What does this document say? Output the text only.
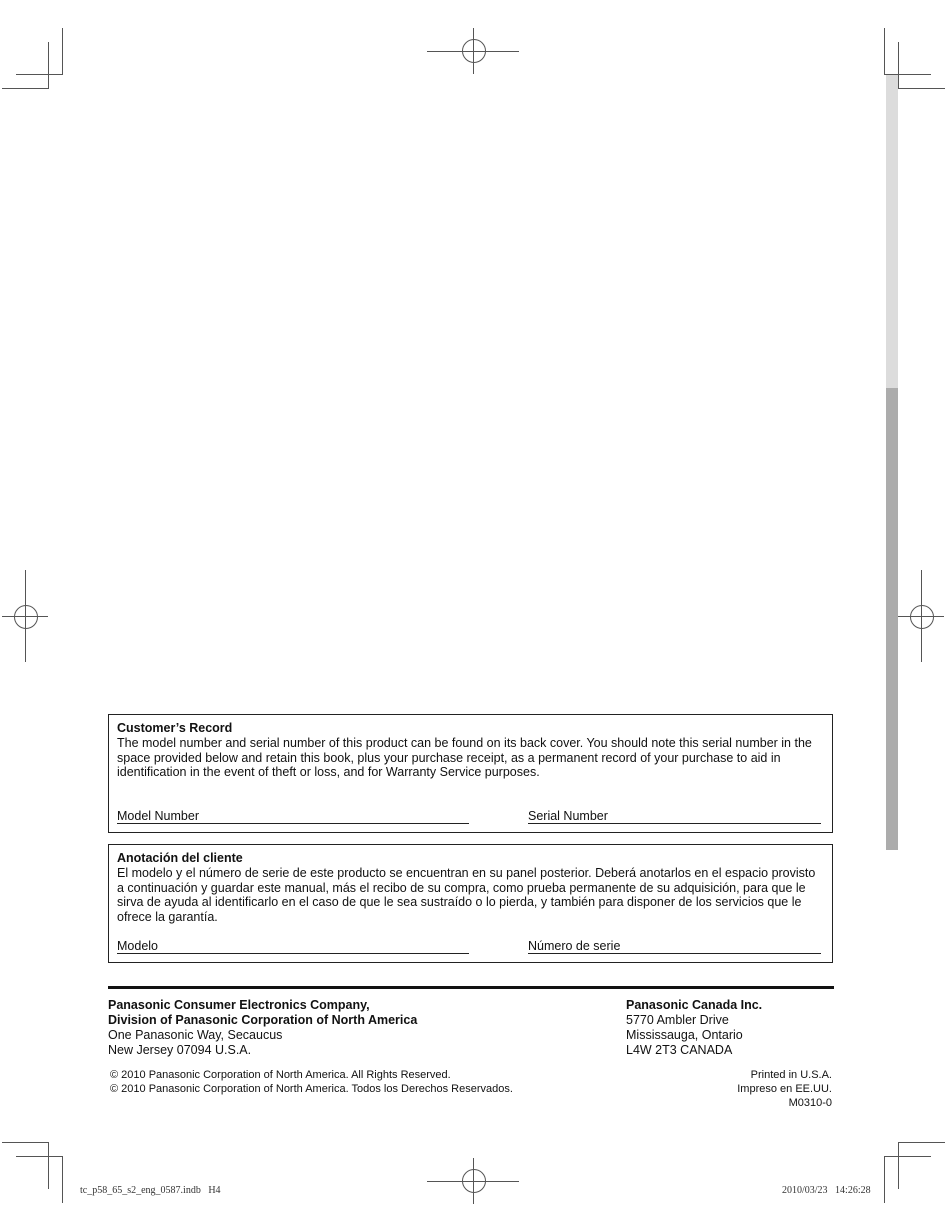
Customer’s Record
The model number and serial number of this product can be found on its back cover. You should note this serial number in the space provided below and retain this book, plus your purchase receipt, as a permanent record of your purchase to aid in identification in the event of theft or loss, and for Warranty Service purposes.
Model Number	Serial Number
Anotación del cliente
El modelo y el número de serie de este producto se encuentran en su panel posterior. Deberá anotarlos en el espacio provisto a continuación y guardar este manual, más el recibo de su compra, como prueba permanente de su adquisición, para que le sirva de ayuda al identificarlo en el caso de que le sea sustraído o lo pierda, y también para disponer de los servicios que le ofrece la garantía.
Modelo	Número de serie
Panasonic Consumer Electronics Company,
Division of Panasonic Corporation of North America
One Panasonic Way, Secaucus
New Jersey 07094 U.S.A.
Panasonic Canada Inc.
5770 Ambler Drive
Mississauga, Ontario
L4W 2T3 CANADA
© 2010 Panasonic Corporation of North America. All Rights Reserved.
© 2010 Panasonic Corporation of North America. Todos los Derechos Reservados.
Printed in U.S.A.
Impreso en EE.UU.
M0310-0
tc_p58_65_s2_eng_0587.indb   H4	2010/03/23   14:26:28
